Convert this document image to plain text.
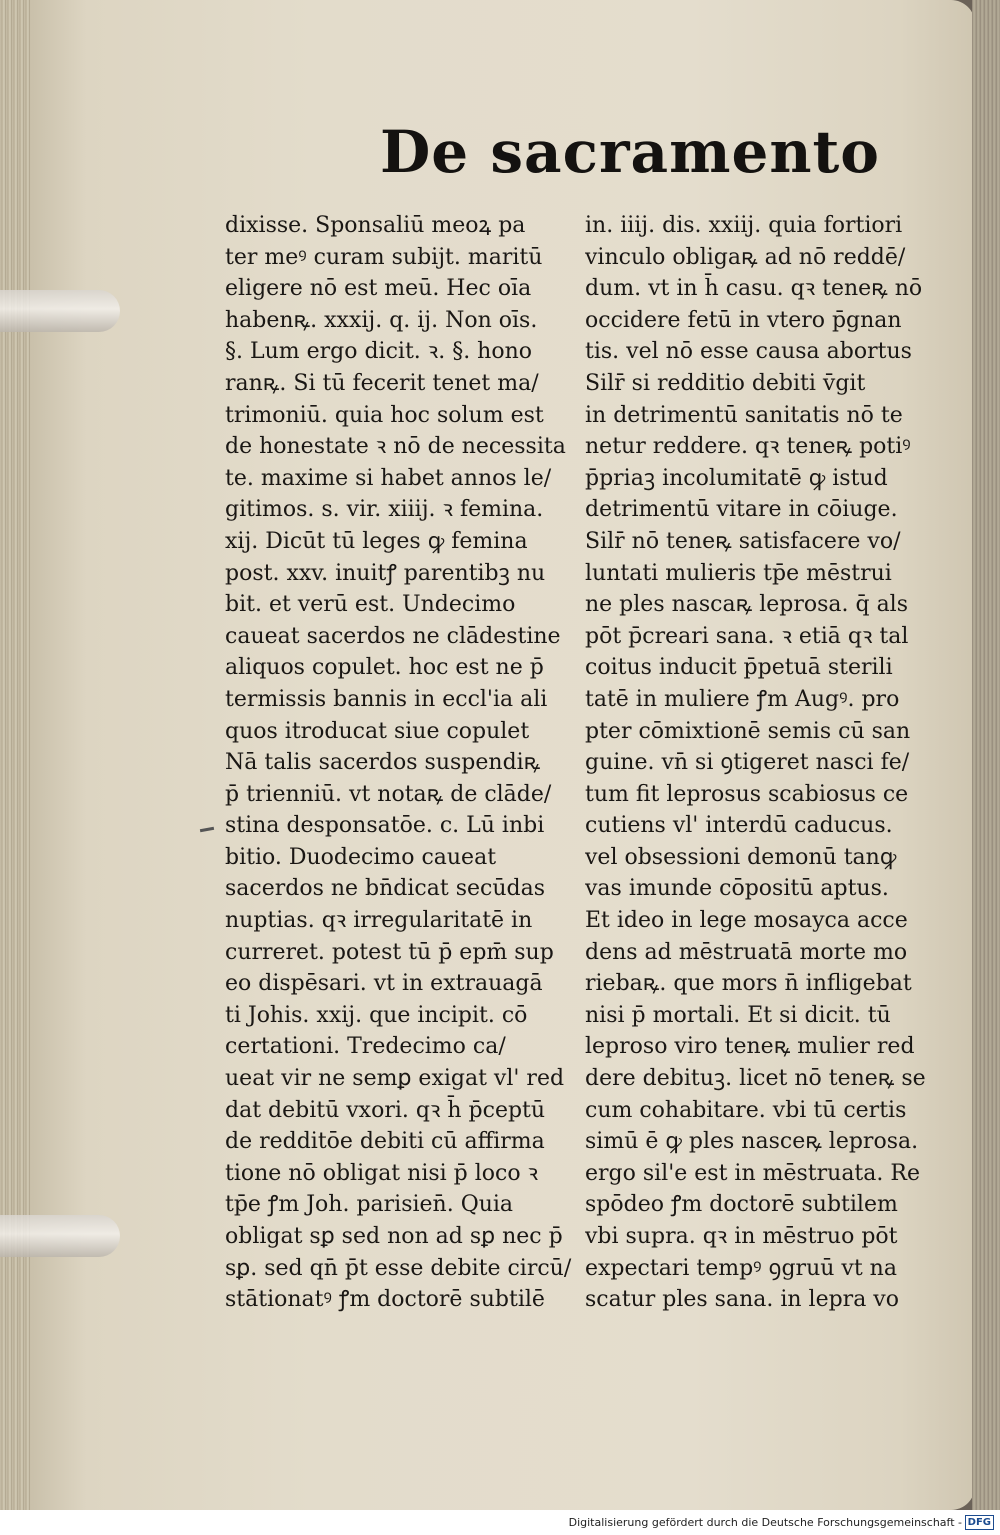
De sacramento
dixisse. Sponsaliū meoꝝ pa
ter meꝰ curam subijt. maritū
eligere nō est meū. Hec oīa
habenꝶ. xxxij. q. ij. Non oīs.
§. Lum ergo dicit. ꝛ. §. hono
ranꝶ. Si tū fecerit tenet ma/
trimoniū. quia hoc solum est
de honestate ꝛ nō de necessita
te. maxime si habet annos le/
gitimos. s. vir. xiiij. ꝛ femina.
xij. Dicūt tū leges ꝙ femina
post. xxv. inuitꝭ parentibꝫ nu
bit. et verū est. Undecimo
caueat sacerdos ne clādestine
aliquos copulet. hoc est ne p̄
termissis bannis in eccl'ia ali
quos itroducat siue copulet
Nā talis sacerdos suspendiꝶ
p̄ trienniū. vt notaꝶ de clāde/
stina desponsatōe. c. Lū inbi
bitio. Duodecimo caueat
sacerdos ne bn̄dicat secūdas
nuptias. qꝛ irregularitatē in
curreret. potest tū p̄ epm̄ sup
eo dispēsari. vt in extrauagā
ti Johis. xxij. que incipit. cō
certationi. Tredecimo ca/
ueat vir ne semꝑ exigat vl' red
dat debitū vxori. qꝛ h̄ p̄ceptū
de redditōe debiti cū affirma
tione nō obligat nisi p̄ loco ꝛ
tp̄e ꝭm Joh. parisien̄. Quia
obligat sꝑ sed non ad sꝑ nec p̄
sꝑ. sed qn̄ p̄t esse debite circū/
stātionatꝰ ꝭm doctorē subtilē
in. iiij. dis. xxiij. quia fortiori
vinculo obligaꝶ ad nō reddē/
dum. vt in h̄ casu. qꝛ teneꝶ nō
occidere fetū in vtero p̄gnan
tis. vel nō esse causa abortus
Silr̄ si redditio debiti v̄git
in detrimentū sanitatis nō te
netur reddere. qꝛ teneꝶ potiꝰ
p̄priaꝫ incolumitatē ꝙ istud
detrimentū vitare in cōiuge.
Silr̄ nō teneꝶ satisfacere vo/
luntati mulieris tp̄e mēstrui
ne ples nascaꝶ leprosa. q̄ als
pōt p̄creari sana. ꝛ etiā qꝛ tal
coitus inducit p̄petuā sterili
tatē in muliere ꝭm Augꝰ. pro
pter cōmixtionē semis cū san
guine. vn̄ si ꝯtigeret nasci fe/
tum fit leprosus scabiosus ce
cutiens vl' interdū caducus.
vel obsessioni demonū tanꝙ
vas imunde cōpositū aptus.
Et ideo in lege mosayca acce
dens ad mēstruatā morte mo
riebaꝶ. que mors n̄ infligebat
nisi p̄ mortali. Et si dicit. tū
leproso viro teneꝶ mulier red
dere debituꝫ. licet nō teneꝶ se
cum cohabitare. vbi tū certis
simū ē ꝙ ples nasceꝶ leprosa.
ergo sil'e est in mēstruata. Re
spōdeo ꝭm doctorē subtilem
vbi supra. qꝛ in mēstruo pōt
expectari tempꝰ ꝯgruū vt na
scatur ples sana. in lepra vo
Digitalisierung gefördert durch die Deutsche Forschungsgemeinschaft - DFG
